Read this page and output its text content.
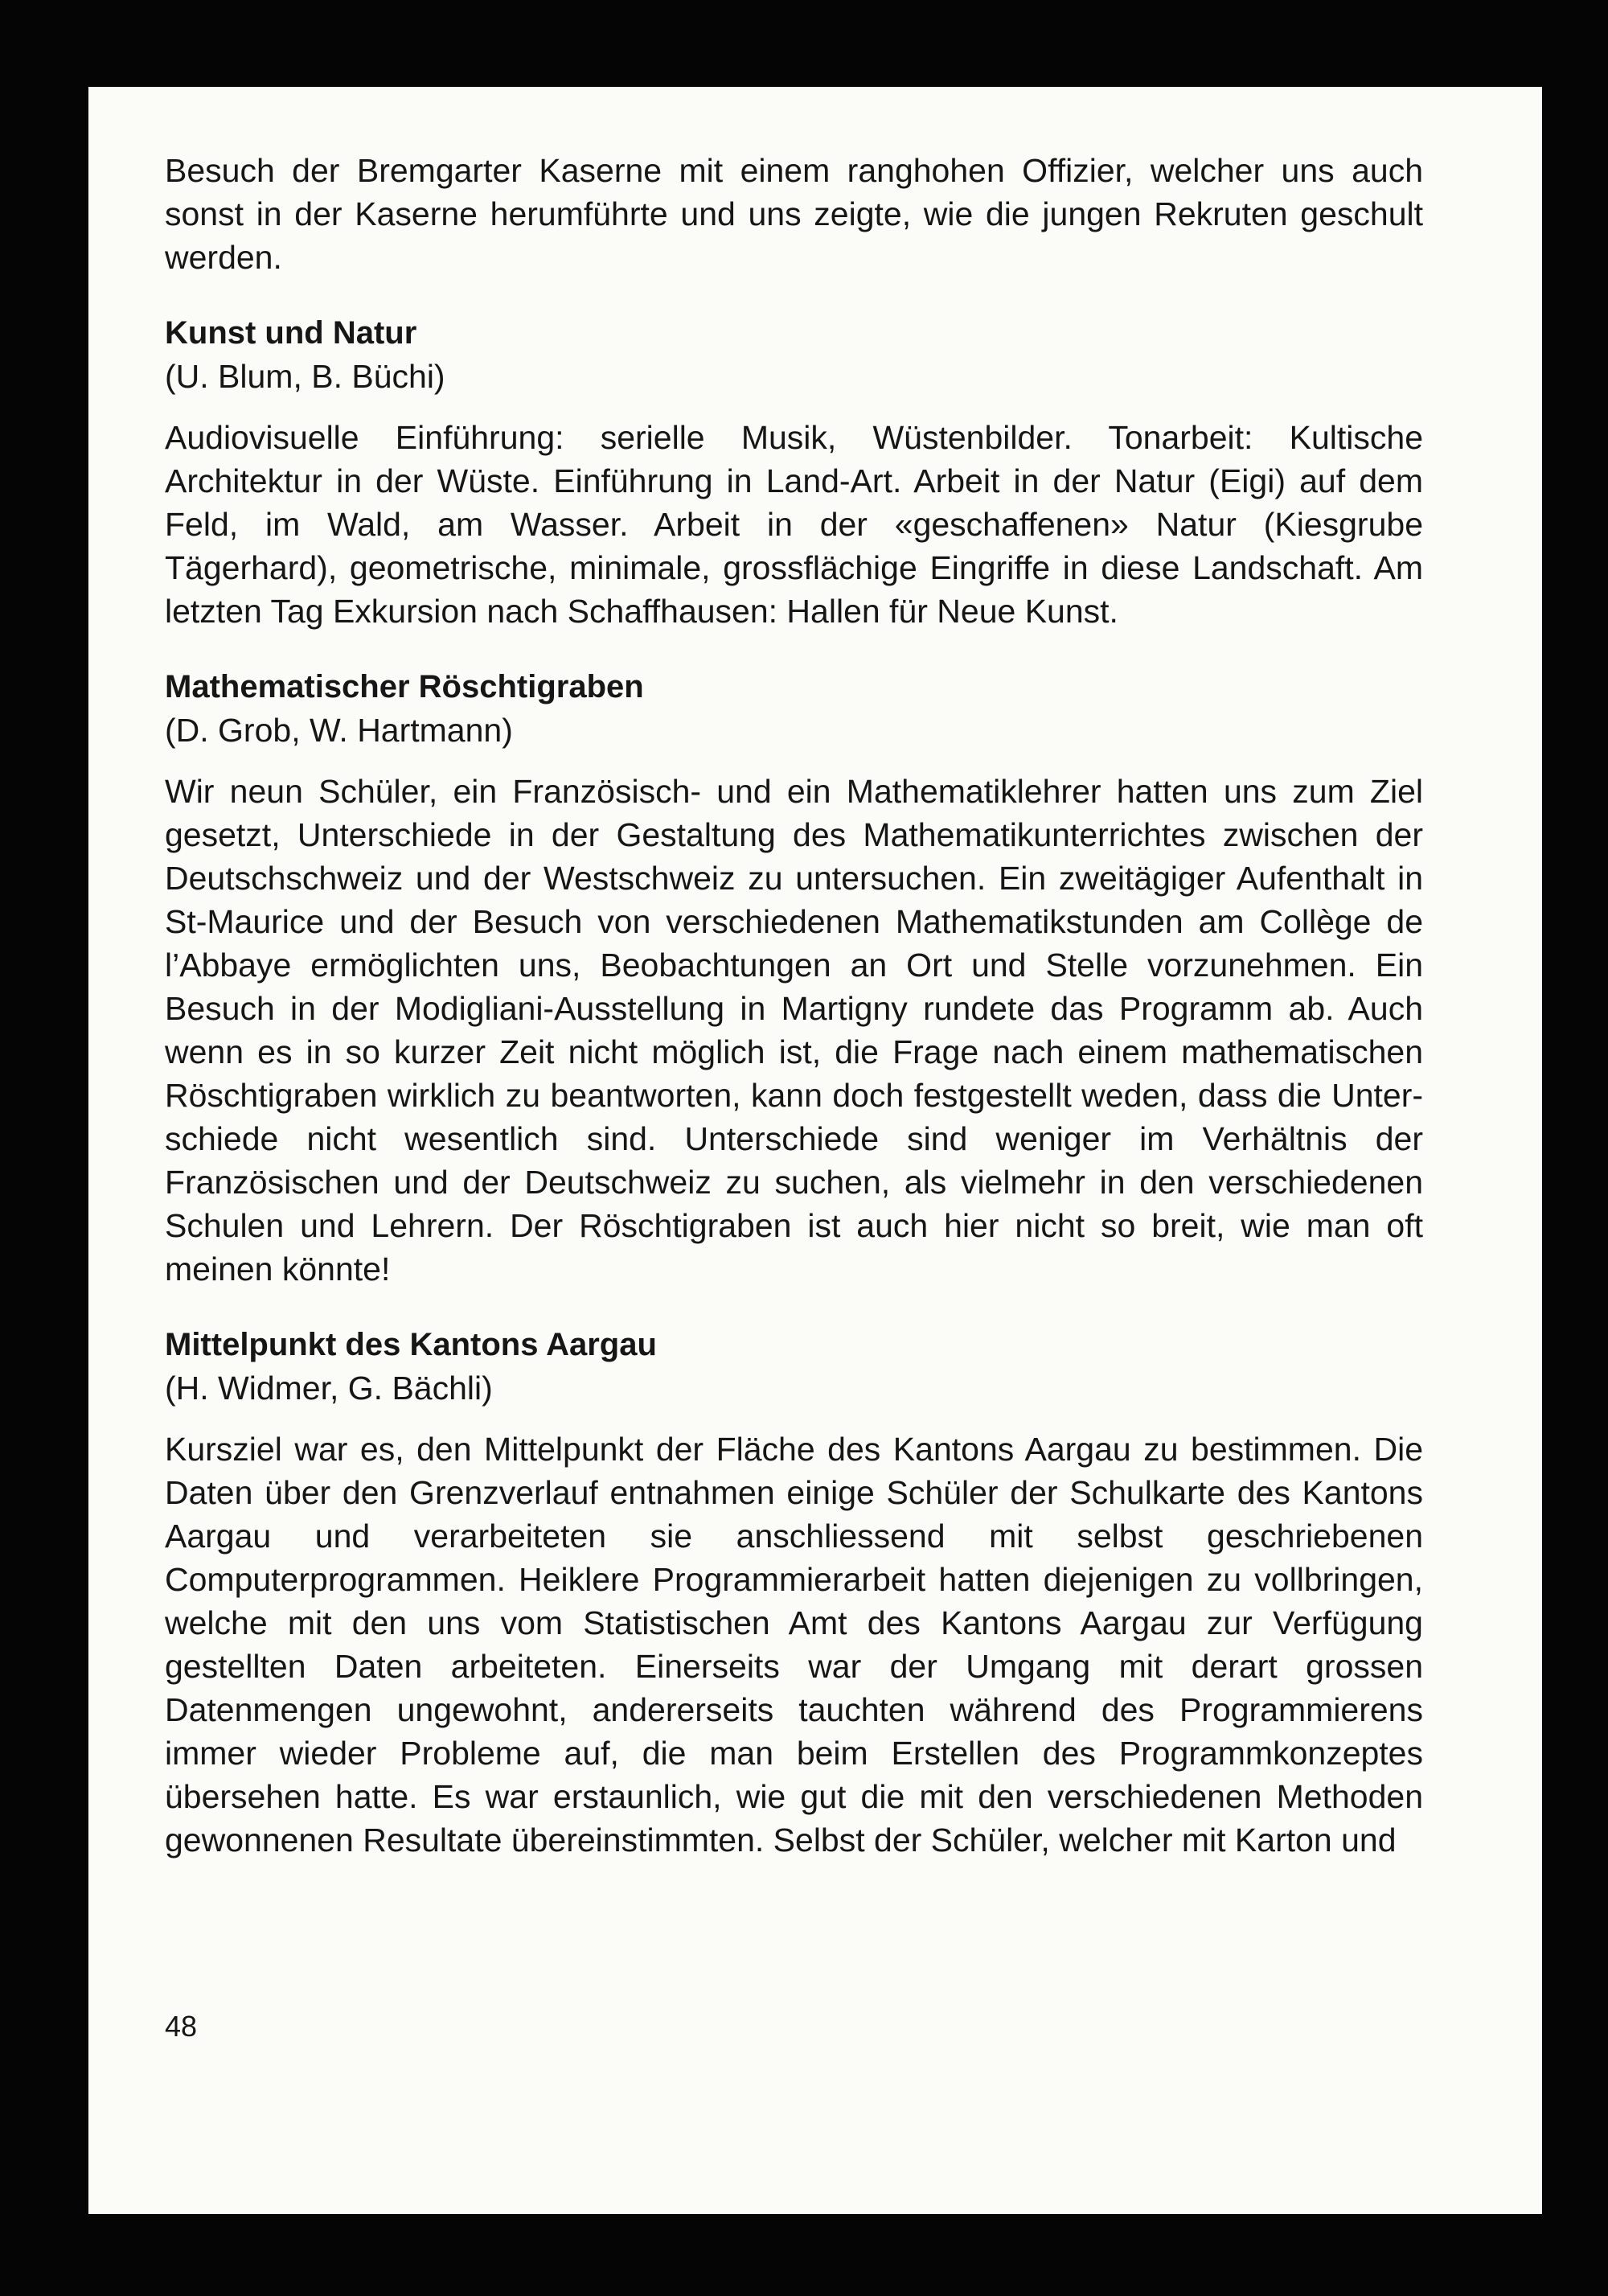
Besuch der Bremgarter Kaserne mit einem ranghohen Offizier, welcher uns auch sonst in der Kaserne herumführte und uns zeigte, wie die jungen Rekruten geschult werden.

Kunst und Natur

(U. Blum, B. Büchi)

Audiovisuelle Einführung: serielle Musik, Wüstenbilder. Tonarbeit: Kultische Architektur in der Wüste. Einführung in Land-Art. Arbeit in der Natur (Eigi) auf dem Feld, im Wald, am Wasser. Arbeit in der «geschaffenen» Natur (Kiesgrube Tägerhard), geometrische, minimale, grossflächige Eingriffe in diese Landschaft. Am letzten Tag Exkursion nach Schaffhausen: Hallen für Neue Kunst.

Mathematischer Röschtigraben

(D. Grob, W. Hartmann)

Wir neun Schüler, ein Französisch- und ein Mathematiklehrer hatten uns zum Ziel gesetzt, Unterschiede in der Gestaltung des Mathematikunterrichtes zwischen der Deutschschweiz und der Westschweiz zu untersuchen. Ein zweitägiger Aufenthalt in St-Maurice und der Besuch von verschiedenen Mathematikstunden am Collège de l’Abbaye ermöglichten uns, Beobachtungen an Ort und Stelle vorzunehmen. Ein Besuch in der Modigliani-Ausstellung in Martigny rundete das Programm ab. Auch wenn es in so kurzer Zeit nicht möglich ist, die Frage nach einem mathematischen Röschtigraben wirklich zu beantworten, kann doch festgestellt weden, dass die Unterschiede nicht wesentlich sind. Unterschiede sind weniger im Verhältnis der Französischen und der Deutschweiz zu suchen, als vielmehr in den verschiedenen Schulen und Lehrern. Der Röschtigraben ist auch hier nicht so breit, wie man oft meinen könnte!

Mittelpunkt des Kantons Aargau

(H. Widmer, G. Bächli)

Kursziel war es, den Mittelpunkt der Fläche des Kantons Aargau zu bestimmen. Die Daten über den Grenzverlauf entnahmen einige Schüler der Schulkarte des Kantons Aargau und verarbeiteten sie anschliessend mit selbst geschriebenen Computerprogrammen. Heiklere Programmierarbeit hatten diejenigen zu vollbringen, welche mit den uns vom Statistischen Amt des Kantons Aargau zur Verfügung gestellten Daten arbeiteten. Einerseits war der Umgang mit derart grossen Datenmengen ungewohnt, andererseits tauchten während des Programmierens immer wieder Probleme auf, die man beim Erstellen des Programmkonzeptes übersehen hatte. Es war erstaunlich, wie gut die mit den verschiedenen Methoden gewonnenen Resultate übereinstimmten. Selbst der Schüler, welcher mit Karton und

48
